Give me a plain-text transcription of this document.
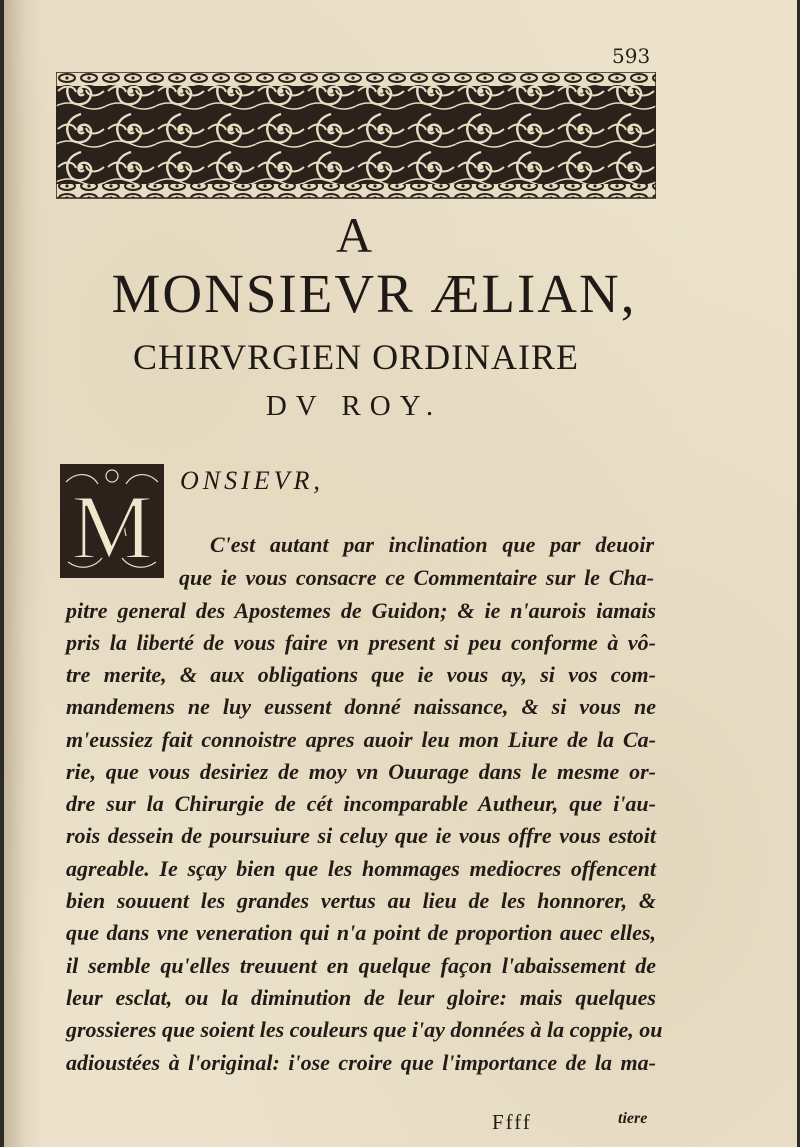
593
A
MONSIEVR ÆLIAN,
CHIRVRGIEN ORDINAIRE
DV ROY.
M ONSIEVR,
C'est autant par inclination que par deuoir
que ie vous consacre ce Commentaire sur le Cha-
pitre general des Apostemes de Guidon; & ie n'aurois iamais
pris la liberté de vous faire vn present si peu conforme à vô-
tre merite, & aux obligations que ie vous ay, si vos com-
mandemens ne luy eussent donné naissance, & si vous ne
m'eussiez fait connoistre apres auoir leu mon Liure de la Ca-
rie, que vous desiriez de moy vn Ouurage dans le mesme or-
dre sur la Chirurgie de cét incomparable Autheur, que i'au-
rois dessein de poursuiure si celuy que ie vous offre vous estoit
agreable. Ie sçay bien que les hommages mediocres offencent
bien souuent les grandes vertus au lieu de les honnorer, &
que dans vne veneration qui n'a point de proportion auec elles,
il semble qu'elles treuuent en quelque façon l'abaissement de
leur esclat, ou la diminution de leur gloire: mais quelques
grossieres que soient les couleurs que i'ay données à la coppie, ou
adioustées à l'original: i'ose croire que l'importance de la ma-
Ffff	tiere
